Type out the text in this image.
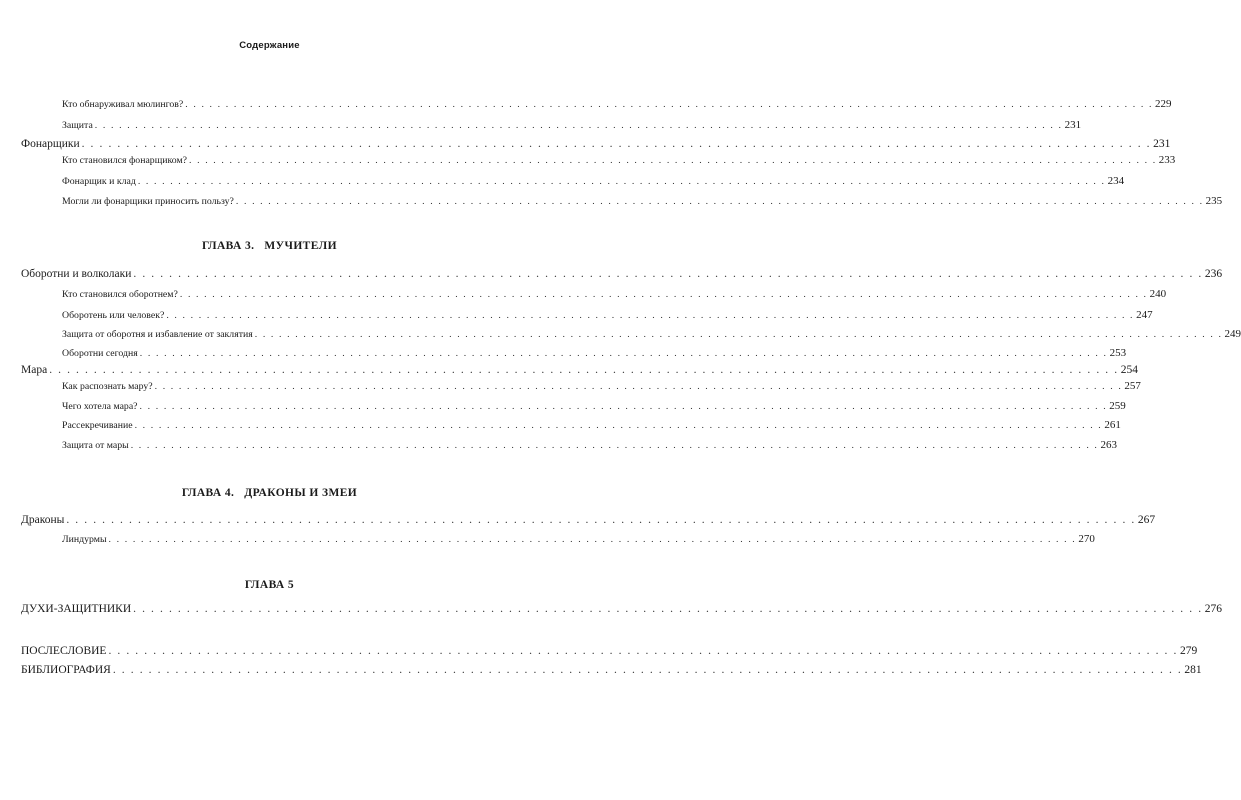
Содержание
Кто обнаруживал мюлингов? . . . . . . . . . . . . . . . . . . . . . . . . . . . . . . . . . . . . . . . . . . . . . . . . . . . . . . . . . . . . . . . . . . . . . . . . . . . . . . . . . . . . . . . . . . . . . . . . . . . . . . . . . . . . . . . . . . . . . . . . 229
Защита . . . . . . . . . . . . . . . . . . . . . . . . . . . . . . . . . . . . . . . . . . . . . . . . . . . . . . . . . . . . . . . . . . . . . . . . . . . . . . . . . . . . . . . . . . . . . . . . . . . . . . . . . . . . . . . . . . . . . . . . 231
Фонарщики . . . . . . . . . . . . . . . . . . . . . . . . . . . . . . . . . . . . . . . . . . . . . . . . . . . . . . . . . . . . . . . . . . . . . . . . . . . . . . . . . . . . . . . . . . . . . . . . . . . . . . . . . . . . . . . . . . . . . . . . 231
Кто становился фонарщиком? . . . . . . . . . . . . . . . . . . . . . . . . . . . . . . . . . . . . . . . . . . . . . . . . . . . . . . . . . . . . . . . . . . . . . . . . . . . . . . . . . . . . . . . . . . . . . . . . . . . . . . . . . . . . . . . . . . . . . . . . 233
Фонарщик и клад . . . . . . . . . . . . . . . . . . . . . . . . . . . . . . . . . . . . . . . . . . . . . . . . . . . . . . . . . . . . . . . . . . . . . . . . . . . . . . . . . . . . . . . . . . . . . . . . . . . . . . . . . . . . . . . . . . . . . . . . 234
Могли ли фонарщики приносить пользу? . . . . . . . . . . . . . . . . . . . . . . . . . . . . . . . . . . . . . . . . . . . . . . . . . . . . . . . . . . . . . . . . . . . . . . . . . . . . . . . . . . . . . . . . . . . . . . . . . . . . . . . . . . . . . . . . . . . . . . . . 235
ГЛАВА 3. МУЧИТЕЛИ
Оборотни и волколаки . . . . . . . . . . . . . . . . . . . . . . . . . . . . . . . . . . . . . . . . . . . . . . . . . . . . . . . . . . . . . . . . . . . . . . . . . . . . . . . . . . . . . . . . . . . . . . . . . . . . . . . . . . . . . . . . . . . . . . . . 236
Кто становился оборотнем? . . . . . . . . . . . . . . . . . . . . . . . . . . . . . . . . . . . . . . . . . . . . . . . . . . . . . . . . . . . . . . . . . . . . . . . . . . . . . . . . . . . . . . . . . . . . . . . . . . . . . . . . . . . . . . . . . . . . . . . . 240
Оборотень или человек? . . . . . . . . . . . . . . . . . . . . . . . . . . . . . . . . . . . . . . . . . . . . . . . . . . . . . . . . . . . . . . . . . . . . . . . . . . . . . . . . . . . . . . . . . . . . . . . . . . . . . . . . . . . . . . . . . . . . . . . . 247
Защита от оборотня и избавление от заклятия . . . . . . . . . . . . . . . . . . . . . . . . . . . . . . . . . . . . . . . . . . . . . . . . . . . . . . . . . . . . . . . . . . . . . . . . . . . . . . . . . . . . . . . . . . . . . . . . . . . . . . . . . . . . . . . . . . . . . . . . 249
Оборотни сегодня . . . . . . . . . . . . . . . . . . . . . . . . . . . . . . . . . . . . . . . . . . . . . . . . . . . . . . . . . . . . . . . . . . . . . . . . . . . . . . . . . . . . . . . . . . . . . . . . . . . . . . . . . . . . . . . . . . . . . . . . 253
Мара . . . . . . . . . . . . . . . . . . . . . . . . . . . . . . . . . . . . . . . . . . . . . . . . . . . . . . . . . . . . . . . . . . . . . . . . . . . . . . . . . . . . . . . . . . . . . . . . . . . . . . . . . . . . . . . . . . . . . . . . 254
Как распознать мару? . . . . . . . . . . . . . . . . . . . . . . . . . . . . . . . . . . . . . . . . . . . . . . . . . . . . . . . . . . . . . . . . . . . . . . . . . . . . . . . . . . . . . . . . . . . . . . . . . . . . . . . . . . . . . . . . . . . . . . . . 257
Чего хотела мара? . . . . . . . . . . . . . . . . . . . . . . . . . . . . . . . . . . . . . . . . . . . . . . . . . . . . . . . . . . . . . . . . . . . . . . . . . . . . . . . . . . . . . . . . . . . . . . . . . . . . . . . . . . . . . . . . . . . . . . . . 259
Рассекречивание . . . . . . . . . . . . . . . . . . . . . . . . . . . . . . . . . . . . . . . . . . . . . . . . . . . . . . . . . . . . . . . . . . . . . . . . . . . . . . . . . . . . . . . . . . . . . . . . . . . . . . . . . . . . . . . . . . . . . . . . 261
Защита от мары . . . . . . . . . . . . . . . . . . . . . . . . . . . . . . . . . . . . . . . . . . . . . . . . . . . . . . . . . . . . . . . . . . . . . . . . . . . . . . . . . . . . . . . . . . . . . . . . . . . . . . . . . . . . . . . . . . . . . . . . 263
ГЛАВА 4. ДРАКОНЫ И ЗМЕИ
Драконы . . . . . . . . . . . . . . . . . . . . . . . . . . . . . . . . . . . . . . . . . . . . . . . . . . . . . . . . . . . . . . . . . . . . . . . . . . . . . . . . . . . . . . . . . . . . . . . . . . . . . . . . . . . . . . . . . . . . . . . . 267
Линдурмы . . . . . . . . . . . . . . . . . . . . . . . . . . . . . . . . . . . . . . . . . . . . . . . . . . . . . . . . . . . . . . . . . . . . . . . . . . . . . . . . . . . . . . . . . . . . . . . . . . . . . . . . . . . . . . . . . . . . . . . . 270
ГЛАВА 5
ДУХИ-ЗАЩИТНИКИ . . . . . . . . . . . . . . . . . . . . . . . . . . . . . . . . . . . . . . . . . . . . . . . . . . . . . . . . . . . . . . . . . . . . . . . . . . . . . . . . . . . . . . . . . . . . . . . . . . . . . . . . . . . . . . . . . . . . . . . . 276
ПОСЛЕСЛОВИЕ . . . . . . . . . . . . . . . . . . . . . . . . . . . . . . . . . . . . . . . . . . . . . . . . . . . . . . . . . . . . . . . . . . . . . . . . . . . . . . . . . . . . . . . . . . . . . . . . . . . . . . . . . . . . . . . . . . . . . . . . 279
БИБЛИОГРАФИЯ . . . . . . . . . . . . . . . . . . . . . . . . . . . . . . . . . . . . . . . . . . . . . . . . . . . . . . . . . . . . . . . . . . . . . . . . . . . . . . . . . . . . . . . . . . . . . . . . . . . . . . . . . . . . . . . . . . . . . . . . 281
